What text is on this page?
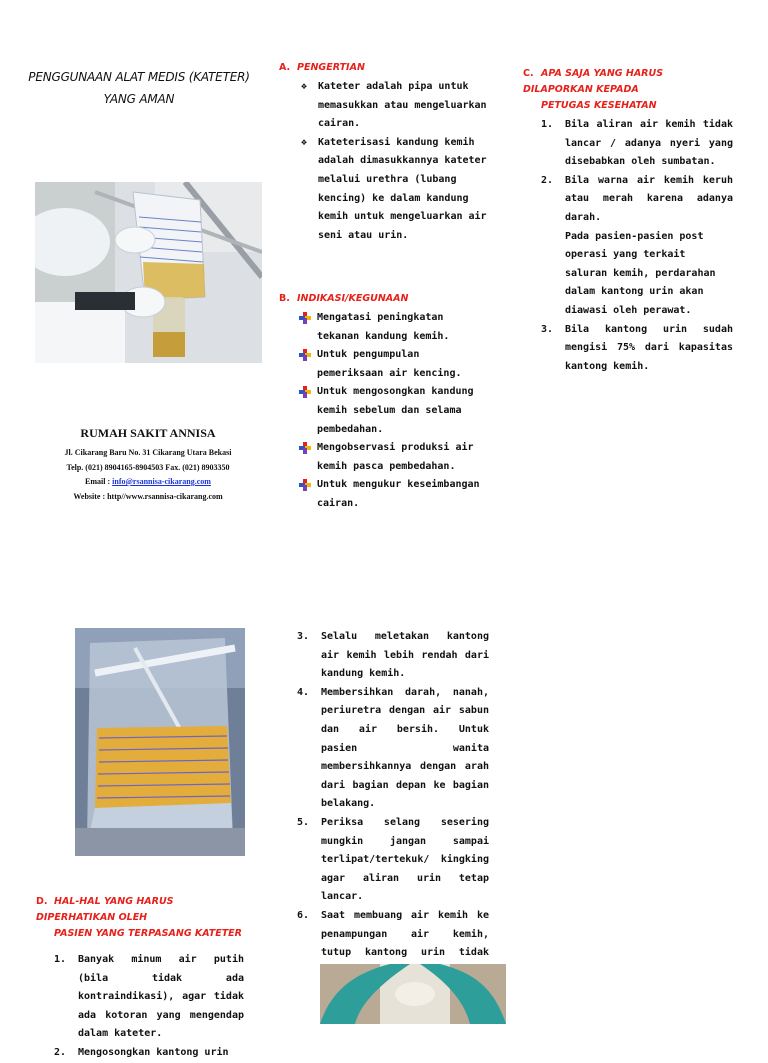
PENGGUNAAN ALAT MEDIS (KATETER)
YANG AMAN
RUMAH SAKIT ANNISA
Jl. Cikarang Baru No. 31 Cikarang Utara Bekasi
Telp. (021) 8904165-8904503 Fax. (021) 8903350
Email : info@rsannisa-cikarang.com
Website : http//www.rsannisa-cikarang.com
D. HAL-HAL YANG HARUS DIPERHATIKAN OLEH
PASIEN YANG TERPASANG KATETER
1.	Banyak minum air putih (bila tidak ada kontraindikasi), agar tidak ada kotoran yang mengendap dalam kateter.
2.	Mengosongkan kantong urin
A. PENGERTIAN
❖ Kateter adalah pipa untuk memasukkan atau mengeluarkan cairan.
❖ Kateterisasi kandung kemih adalah dimasukkannya kateter melalui urethra (lubang kencing) ke dalam kandung kemih untuk mengeluarkan air seni atau urin.
B. INDIKASI/KEGUNAAN
Mengatasi peningkatan tekanan kandung kemih.
Untuk pengumpulan pemeriksaan air kencing.
Untuk mengosongkan kandung kemih sebelum dan selama pembedahan.
Mengobservasi produksi air kemih pasca pembedahan.
Untuk mengukur keseimbangan cairan.
3.	Selalu meletakan kantong air kemih lebih rendah dari kandung kemih.
4.	Membersihkan darah, nanah, periuretra dengan air sabun dan air bersih. Untuk pasien wanita membersihkannya dengan arah dari bagian depan ke bagian belakang.
5.	Periksa selang sesering mungkin jangan sampai terlipat/tertekuk/ kingking agar aliran urin tetap lancar.
6.	Saat membuang air kemih ke penampungan air kemih, tutup kantong urin tidak
C. APA SAJA YANG HARUS DILAPORKAN KEPADA
PETUGAS KESEHATAN
1.	Bila aliran air kemih tidak lancar / adanya nyeri yang disebabkan oleh sumbatan.
2.	Bila warna air kemih keruh atau merah karena adanya darah.
Pada pasien-pasien post operasi yang terkait saluran kemih, perdarahan dalam kantong urin akan diawasi oleh perawat.
3.	Bila kantong urin sudah mengisi 75% dari kapasitas kantong kemih.
